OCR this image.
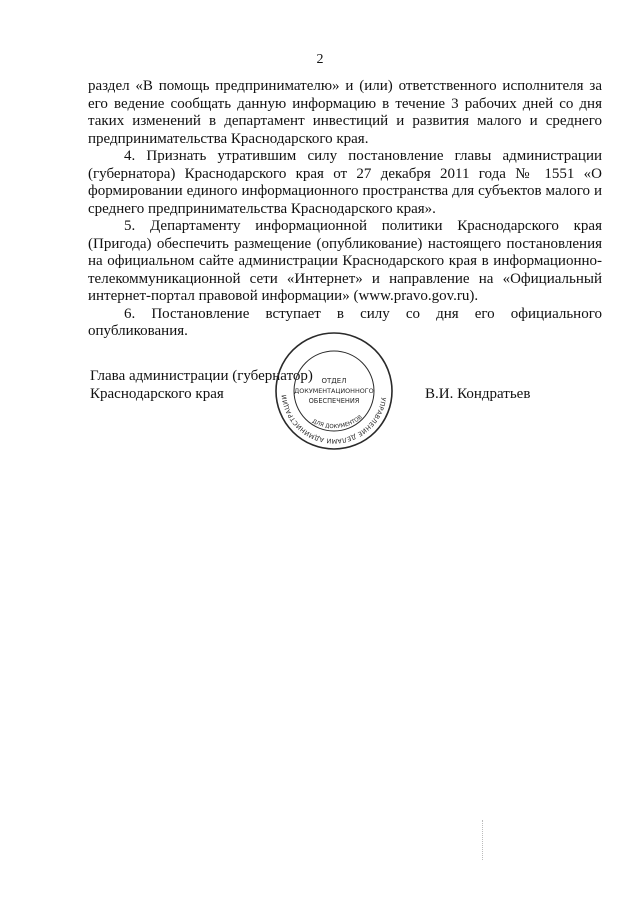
2

раздел «В помощь предпринимателю» и (или) ответственного исполнителя за его ведение сообщать данную информацию в течение 3 рабочих дней со дня таких изменений в департамент инвестиций и развития малого и среднего предпринимательства Краснодарского края.

4. Признать утратившим силу постановление главы администрации (губернатора) Краснодарского края от 27 декабря 2011 года № 1551 «О формировании единого информационного пространства для субъектов малого и среднего предпринимательства Краснодарского края».

5. Департаменту информационной политики Краснодарского края (Пригода) обеспечить размещение (опубликование) настоящего постановления на официальном сайте администрации Краснодарского края в информационно-телекоммуникационной сети «Интернет» и направление на «Официальный интернет-портал правовой информации» (www.pravo.gov.ru).

6. Постановление вступает в силу со дня его официального опубликования.

Глава администрации (губернатор)
Краснодарского края	УПРАВЛЕНИЕ ДЕЛАМИ АДМИНИСТРАЦИИ
ДЛЯ ДОКУМЕНТОВ
ОТДЕЛ
ДОКУМЕНТАЦИОННОГО
ОБЕСПЕЧЕНИЯ	В.И. Кондратьев
